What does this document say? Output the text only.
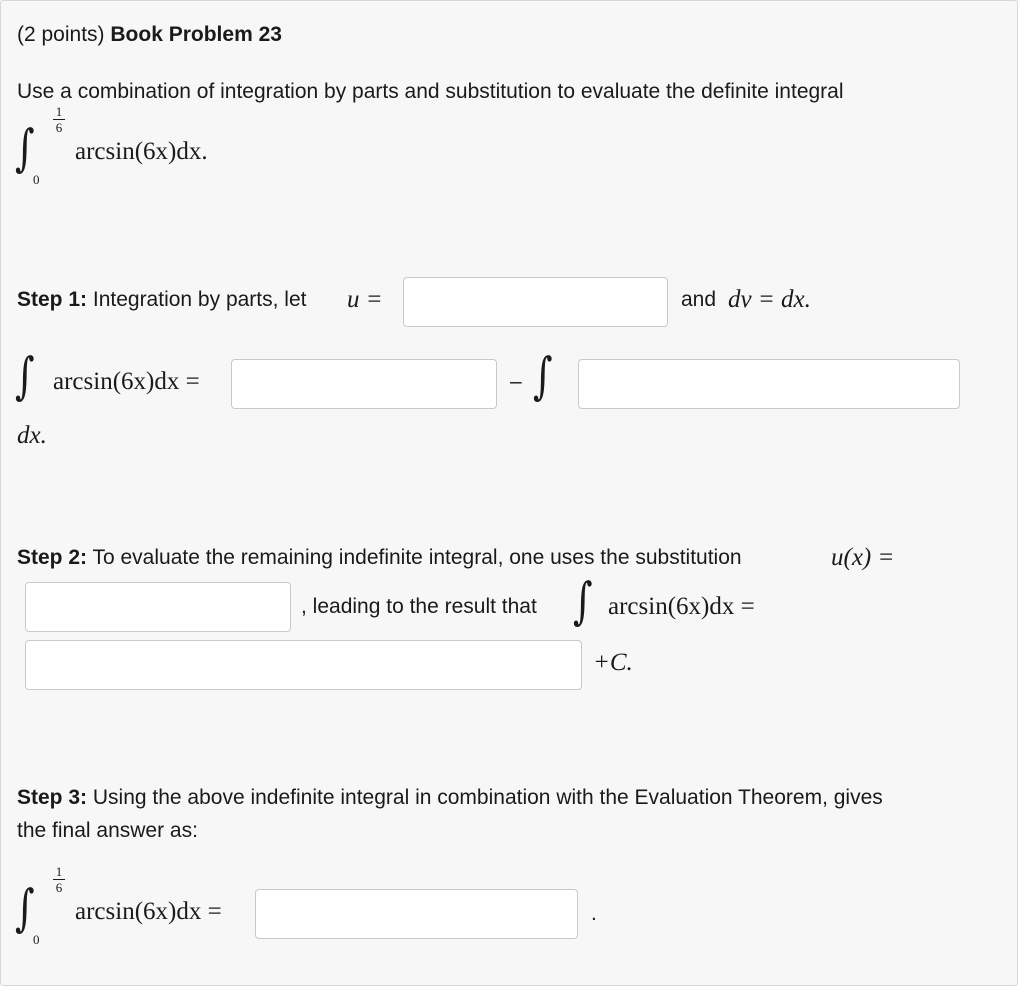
(2 points) Book Problem 23
Use a combination of integration by parts and substitution to evaluate the definite integral
∫
1
6
0
arcsin(6x)dx.
Step 1: Integration by parts, let u =	and dv = dx.
∫ arcsin(6x)dx =	– ∫
dx.
Step 2: To evaluate the remaining indefinite integral, one uses the substitution	u(x) =
, leading to the result that ∫ arcsin(6x)dx =
+C.
Step 3: Using the above indefinite integral in combination with the Evaluation Theorem, gives
the final answer as:
∫
1
6
0
arcsin(6x)dx =	.
